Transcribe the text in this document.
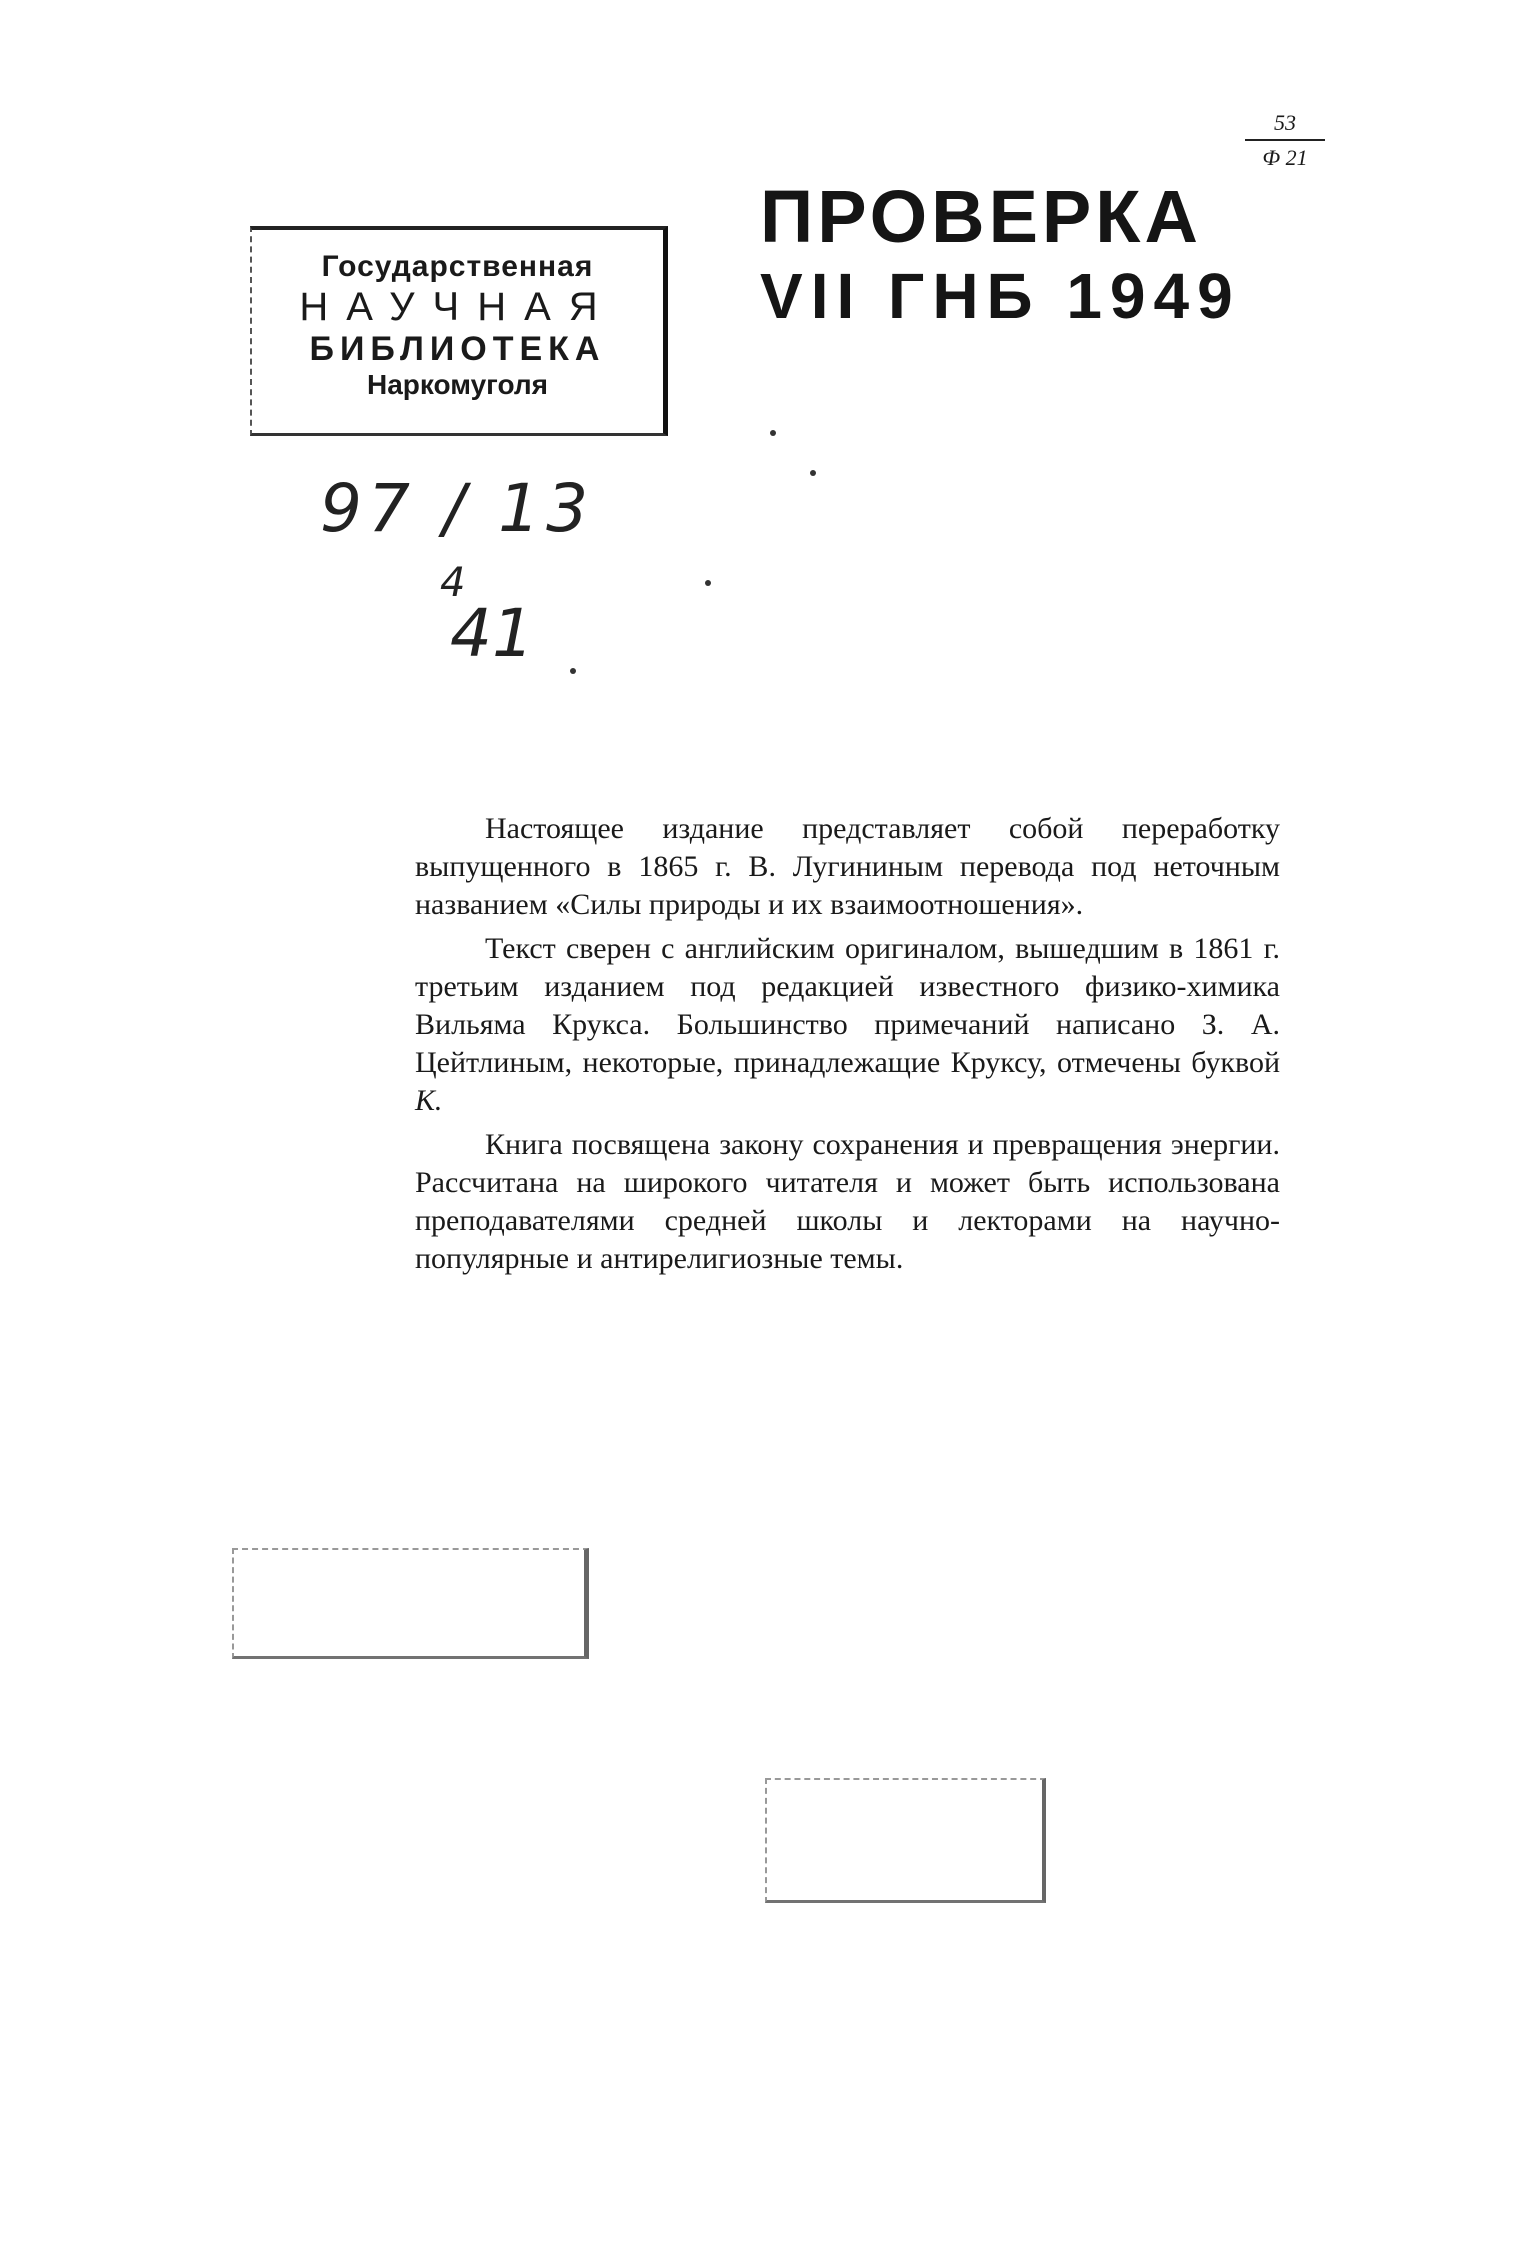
53
Ф 21
Государственная
НАУЧНАЯ
БИБЛИОТЕКА
Наркомуголя
ПРОВЕРКА
VII ГНБ 1949
97 / 13
4
41

Настоящее издание представляет собой переработку выпущенного в 1865 г. В. Лугининым перевода под неточным названием «Силы природы и их взаимоотношения».

Текст сверен с английским оригиналом, вышедшим в 1861 г. третьим изданием под редакцией известного физико-химика Вильяма Крукса. Большинство примечаний написано З. А. Цейтлиным, некоторые, принадлежащие Круксу, отмечены буквой К.

Книга посвящена закону сохранения и превращения энергии. Рассчитана на широкого читателя и может быть использована преподавателями средней школы и лекторами на научно-популярные и антирелигиозные темы.
